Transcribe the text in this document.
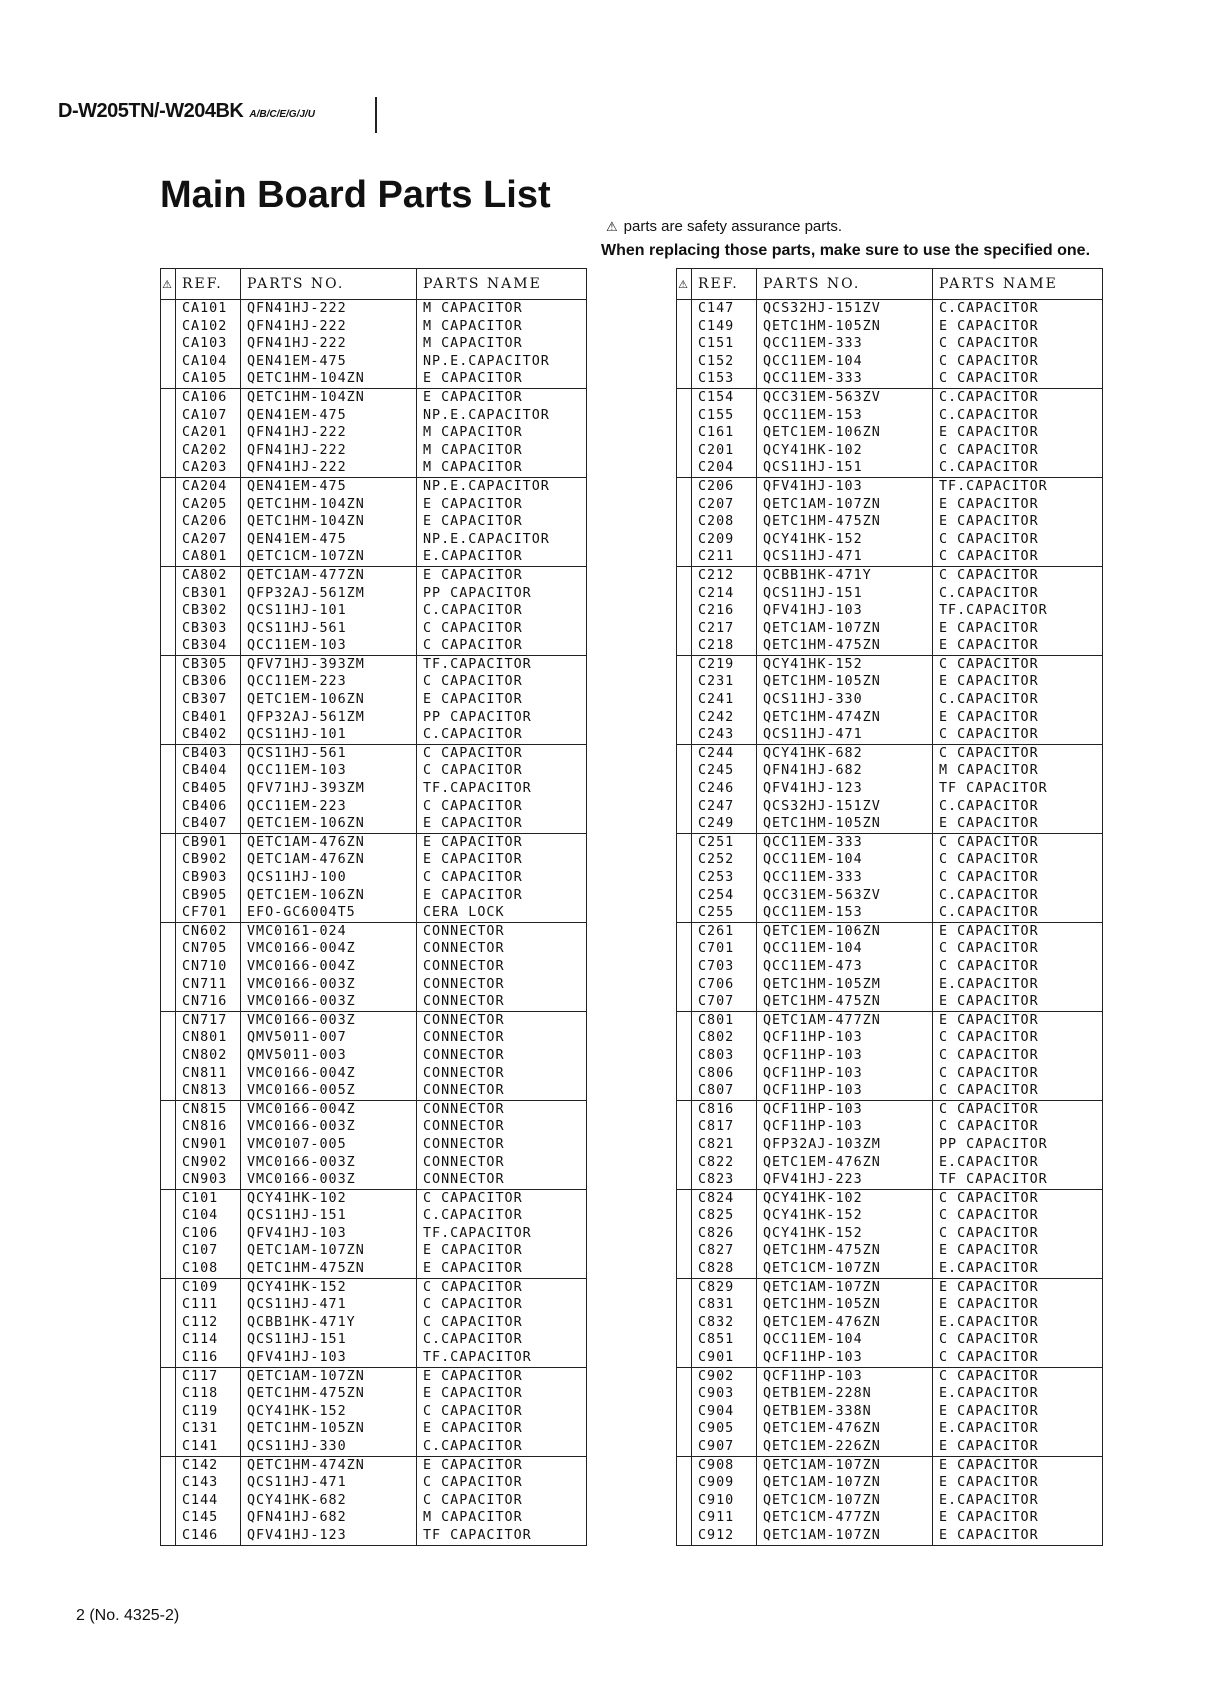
D-W205TN/-W204BK A/B/C/E/G/J/U
Main Board Parts List
⚠ parts are safety assurance parts.
When replacing those parts, make sure to use the specified one.
⚠	REF.	PARTS NO.	PARTS NAME
	CA101	QFN41HJ-222	M CAPACITOR
	CA102	QFN41HJ-222	M CAPACITOR
	CA103	QFN41HJ-222	M CAPACITOR
	CA104	QEN41EM-475	NP.E.CAPACITOR
	CA105	QETC1HM-104ZN	E CAPACITOR
	CA106	QETC1HM-104ZN	E CAPACITOR
	CA107	QEN41EM-475	NP.E.CAPACITOR
	CA201	QFN41HJ-222	M CAPACITOR
	CA202	QFN41HJ-222	M CAPACITOR
	CA203	QFN41HJ-222	M CAPACITOR
	CA204	QEN41EM-475	NP.E.CAPACITOR
	CA205	QETC1HM-104ZN	E CAPACITOR
	CA206	QETC1HM-104ZN	E CAPACITOR
	CA207	QEN41EM-475	NP.E.CAPACITOR
	CA801	QETC1CM-107ZN	E.CAPACITOR
	CA802	QETC1AM-477ZN	E CAPACITOR
	CB301	QFP32AJ-561ZM	PP CAPACITOR
	CB302	QCS11HJ-101	C.CAPACITOR
	CB303	QCS11HJ-561	C CAPACITOR
	CB304	QCC11EM-103	C CAPACITOR
	CB305	QFV71HJ-393ZM	TF.CAPACITOR
	CB306	QCC11EM-223	C CAPACITOR
	CB307	QETC1EM-106ZN	E CAPACITOR
	CB401	QFP32AJ-561ZM	PP CAPACITOR
	CB402	QCS11HJ-101	C.CAPACITOR
	CB403	QCS11HJ-561	C CAPACITOR
	CB404	QCC11EM-103	C CAPACITOR
	CB405	QFV71HJ-393ZM	TF.CAPACITOR
	CB406	QCC11EM-223	C CAPACITOR
	CB407	QETC1EM-106ZN	E CAPACITOR
	CB901	QETC1AM-476ZN	E CAPACITOR
	CB902	QETC1AM-476ZN	E CAPACITOR
	CB903	QCS11HJ-100	C CAPACITOR
	CB905	QETC1EM-106ZN	E CAPACITOR
	CF701	EFO-GC6004T5	CERA LOCK
	CN602	VMC0161-024	CONNECTOR
	CN705	VMC0166-004Z	CONNECTOR
	CN710	VMC0166-004Z	CONNECTOR
	CN711	VMC0166-003Z	CONNECTOR
	CN716	VMC0166-003Z	CONNECTOR
	CN717	VMC0166-003Z	CONNECTOR
	CN801	QMV5011-007	CONNECTOR
	CN802	QMV5011-003	CONNECTOR
	CN811	VMC0166-004Z	CONNECTOR
	CN813	VMC0166-005Z	CONNECTOR
	CN815	VMC0166-004Z	CONNECTOR
	CN816	VMC0166-003Z	CONNECTOR
	CN901	VMC0107-005	CONNECTOR
	CN902	VMC0166-003Z	CONNECTOR
	CN903	VMC0166-003Z	CONNECTOR
	C101	QCY41HK-102	C CAPACITOR
	C104	QCS11HJ-151	C.CAPACITOR
	C106	QFV41HJ-103	TF.CAPACITOR
	C107	QETC1AM-107ZN	E CAPACITOR
	C108	QETC1HM-475ZN	E CAPACITOR
	C109	QCY41HK-152	C CAPACITOR
	C111	QCS11HJ-471	C CAPACITOR
	C112	QCBB1HK-471Y	C CAPACITOR
	C114	QCS11HJ-151	C.CAPACITOR
	C116	QFV41HJ-103	TF.CAPACITOR
	C117	QETC1AM-107ZN	E CAPACITOR
	C118	QETC1HM-475ZN	E CAPACITOR
	C119	QCY41HK-152	C CAPACITOR
	C131	QETC1HM-105ZN	E CAPACITOR
	C141	QCS11HJ-330	C.CAPACITOR
	C142	QETC1HM-474ZN	E CAPACITOR
	C143	QCS11HJ-471	C CAPACITOR
	C144	QCY41HK-682	C CAPACITOR
	C145	QFN41HJ-682	M CAPACITOR
	C146	QFV41HJ-123	TF CAPACITOR
⚠	REF.	PARTS NO.	PARTS NAME
	C147	QCS32HJ-151ZV	C.CAPACITOR
	C149	QETC1HM-105ZN	E CAPACITOR
	C151	QCC11EM-333	C CAPACITOR
	C152	QCC11EM-104	C CAPACITOR
	C153	QCC11EM-333	C CAPACITOR
	C154	QCC31EM-563ZV	C.CAPACITOR
	C155	QCC11EM-153	C.CAPACITOR
	C161	QETC1EM-106ZN	E CAPACITOR
	C201	QCY41HK-102	C CAPACITOR
	C204	QCS11HJ-151	C.CAPACITOR
	C206	QFV41HJ-103	TF.CAPACITOR
	C207	QETC1AM-107ZN	E CAPACITOR
	C208	QETC1HM-475ZN	E CAPACITOR
	C209	QCY41HK-152	C CAPACITOR
	C211	QCS11HJ-471	C CAPACITOR
	C212	QCBB1HK-471Y	C CAPACITOR
	C214	QCS11HJ-151	C.CAPACITOR
	C216	QFV41HJ-103	TF.CAPACITOR
	C217	QETC1AM-107ZN	E CAPACITOR
	C218	QETC1HM-475ZN	E CAPACITOR
	C219	QCY41HK-152	C CAPACITOR
	C231	QETC1HM-105ZN	E CAPACITOR
	C241	QCS11HJ-330	C.CAPACITOR
	C242	QETC1HM-474ZN	E CAPACITOR
	C243	QCS11HJ-471	C CAPACITOR
	C244	QCY41HK-682	C CAPACITOR
	C245	QFN41HJ-682	M CAPACITOR
	C246	QFV41HJ-123	TF CAPACITOR
	C247	QCS32HJ-151ZV	C.CAPACITOR
	C249	QETC1HM-105ZN	E CAPACITOR
	C251	QCC11EM-333	C CAPACITOR
	C252	QCC11EM-104	C CAPACITOR
	C253	QCC11EM-333	C CAPACITOR
	C254	QCC31EM-563ZV	C.CAPACITOR
	C255	QCC11EM-153	C.CAPACITOR
	C261	QETC1EM-106ZN	E CAPACITOR
	C701	QCC11EM-104	C CAPACITOR
	C703	QCC11EM-473	C CAPACITOR
	C706	QETC1HM-105ZM	E.CAPACITOR
	C707	QETC1HM-475ZN	E CAPACITOR
	C801	QETC1AM-477ZN	E CAPACITOR
	C802	QCF11HP-103	C CAPACITOR
	C803	QCF11HP-103	C CAPACITOR
	C806	QCF11HP-103	C CAPACITOR
	C807	QCF11HP-103	C CAPACITOR
	C816	QCF11HP-103	C CAPACITOR
	C817	QCF11HP-103	C CAPACITOR
	C821	QFP32AJ-103ZM	PP CAPACITOR
	C822	QETC1EM-476ZN	E.CAPACITOR
	C823	QFV41HJ-223	TF CAPACITOR
	C824	QCY41HK-102	C CAPACITOR
	C825	QCY41HK-152	C CAPACITOR
	C826	QCY41HK-152	C CAPACITOR
	C827	QETC1HM-475ZN	E CAPACITOR
	C828	QETC1CM-107ZN	E.CAPACITOR
	C829	QETC1AM-107ZN	E CAPACITOR
	C831	QETC1HM-105ZN	E CAPACITOR
	C832	QETC1EM-476ZN	E.CAPACITOR
	C851	QCC11EM-104	C CAPACITOR
	C901	QCF11HP-103	C CAPACITOR
	C902	QCF11HP-103	C CAPACITOR
	C903	QETB1EM-228N	E.CAPACITOR
	C904	QETB1EM-338N	E CAPACITOR
	C905	QETC1EM-476ZN	E.CAPACITOR
	C907	QETC1EM-226ZN	E CAPACITOR
	C908	QETC1AM-107ZN	E CAPACITOR
	C909	QETC1AM-107ZN	E CAPACITOR
	C910	QETC1CM-107ZN	E.CAPACITOR
	C911	QETC1CM-477ZN	E CAPACITOR
	C912	QETC1AM-107ZN	E CAPACITOR
2 (No. 4325-2)
